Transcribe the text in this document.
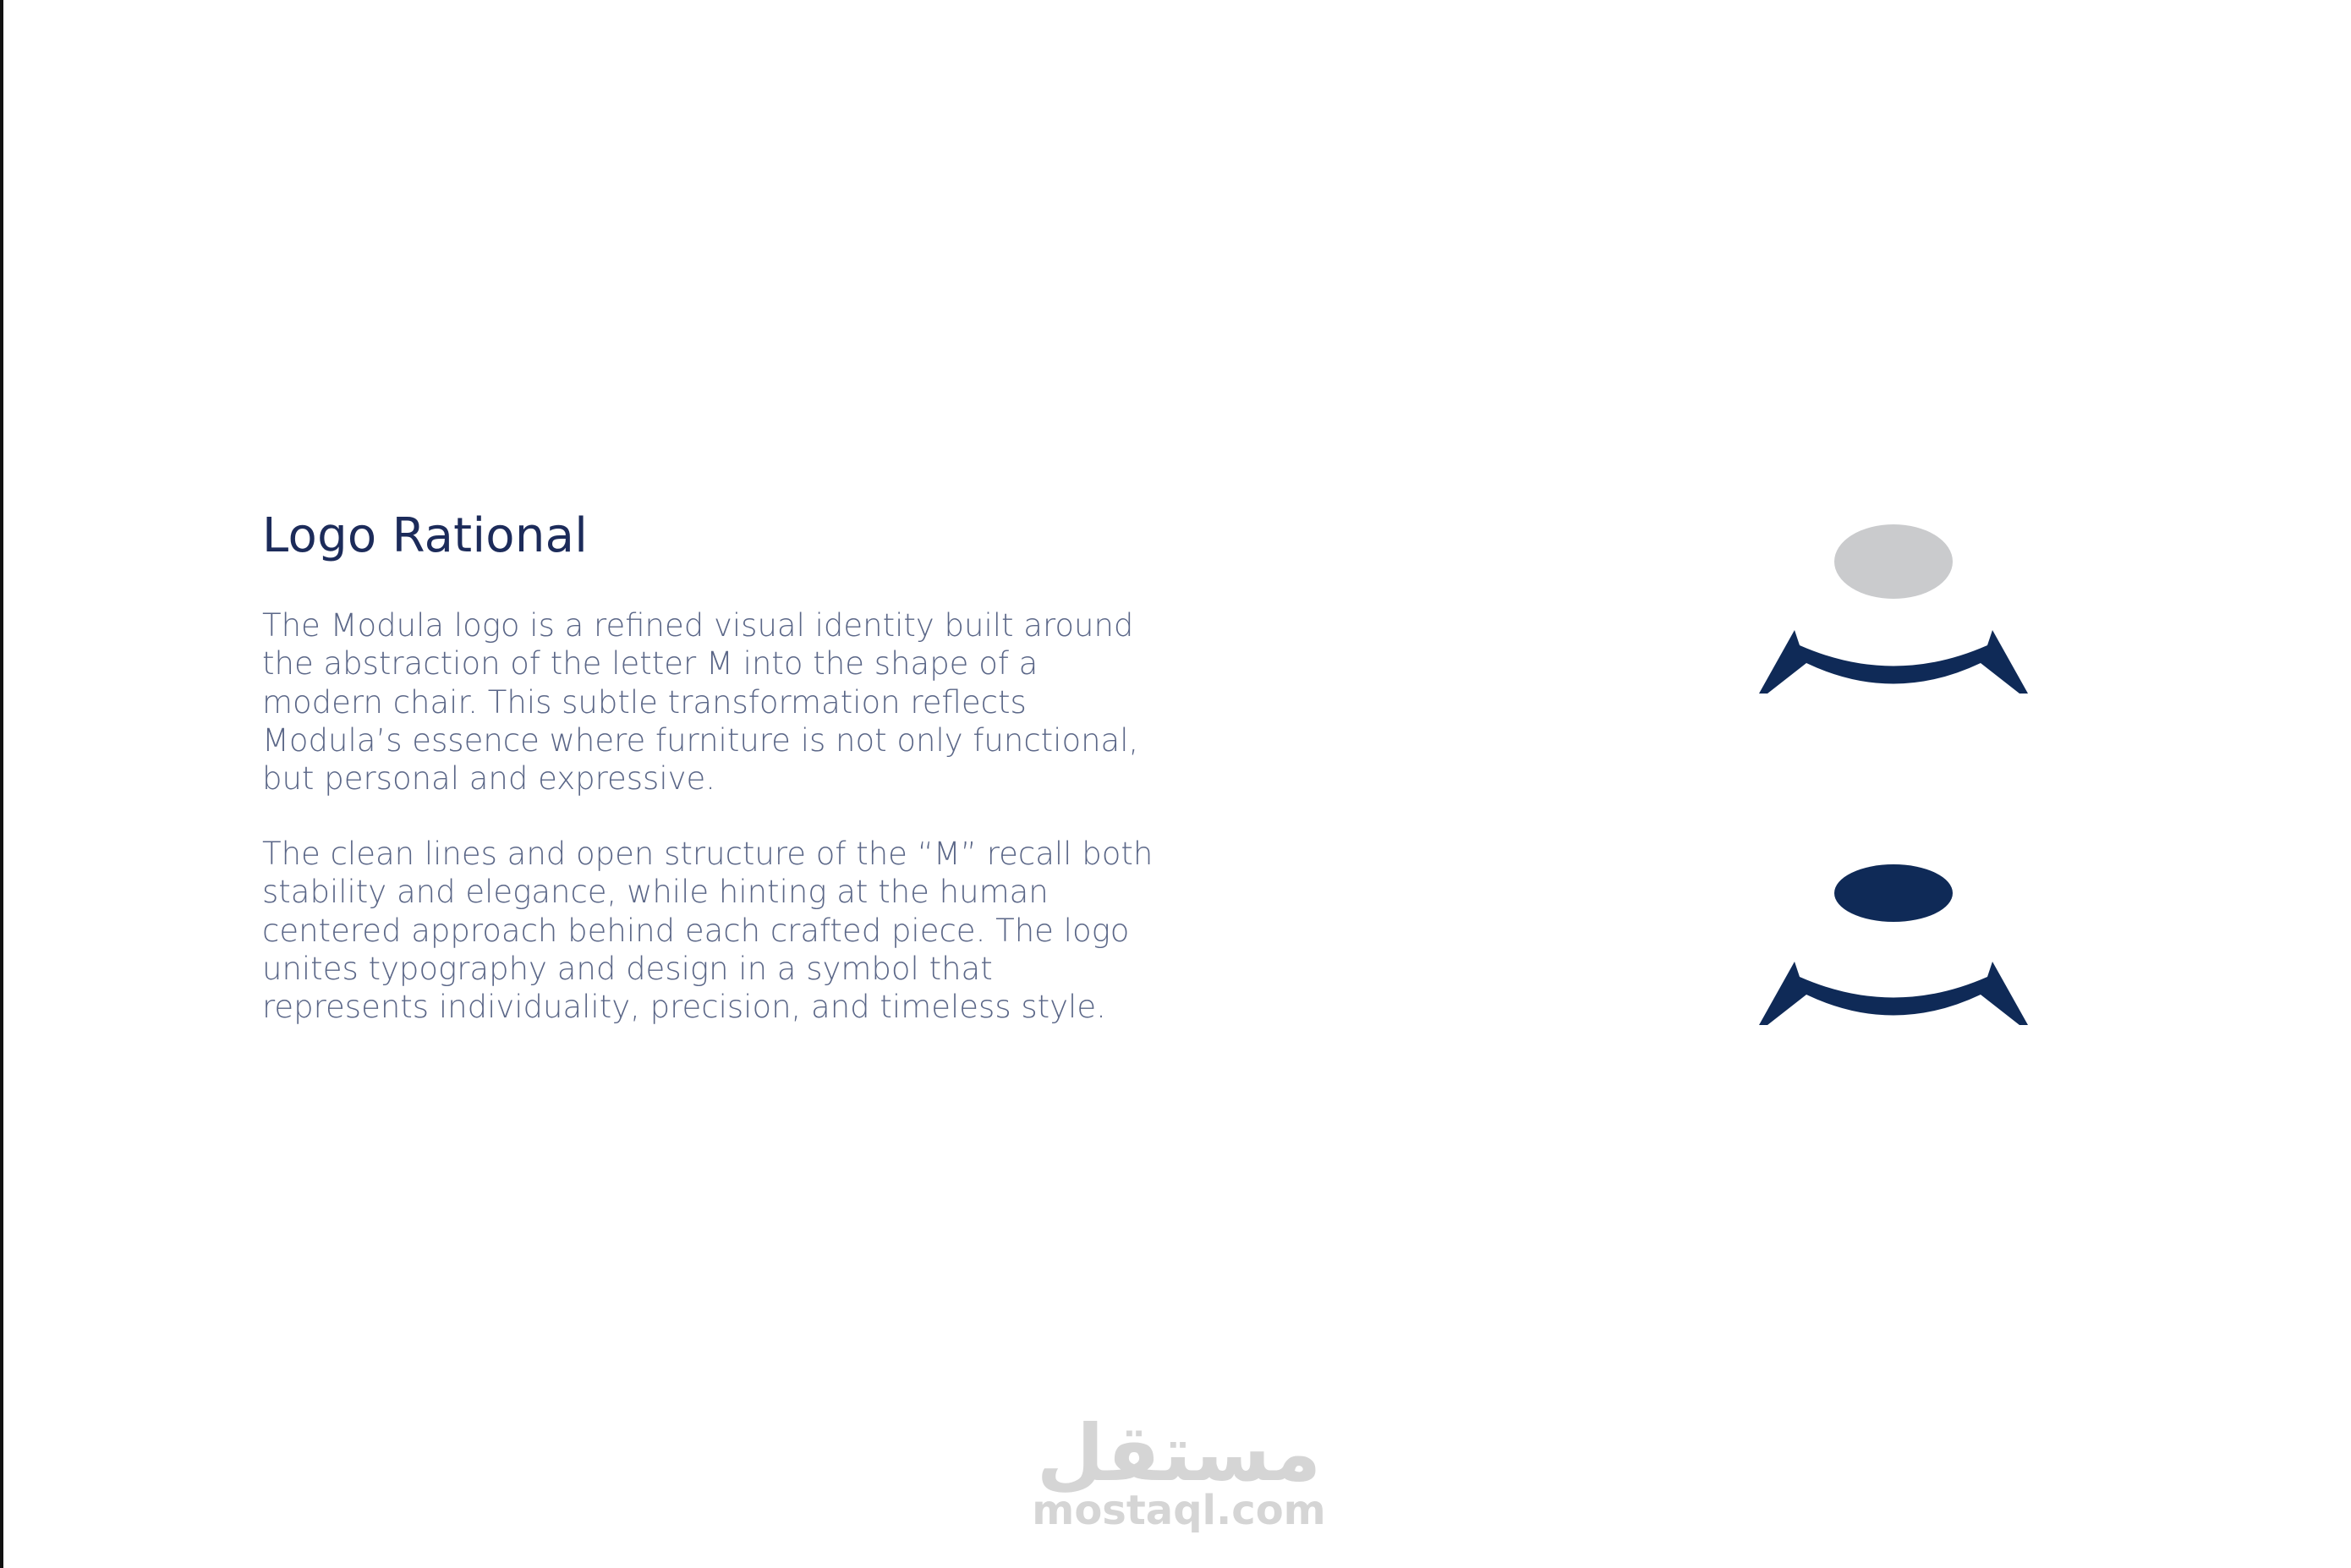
Logo Rational

The Modula logo is a refined visual identity built around
the abstraction of the letter M into the shape of a
modern chair. This subtle transformation reflects
Modula’s essence where furniture is not only functional,
but personal and expressive.

The clean lines and open structure of the “M” recall both
stability and elegance, while hinting at the human
centered approach behind each crafted piece. The logo
unites typography and design in a symbol that
represents individuality, precision, and timeless style.

مستقل
mostaql.com
